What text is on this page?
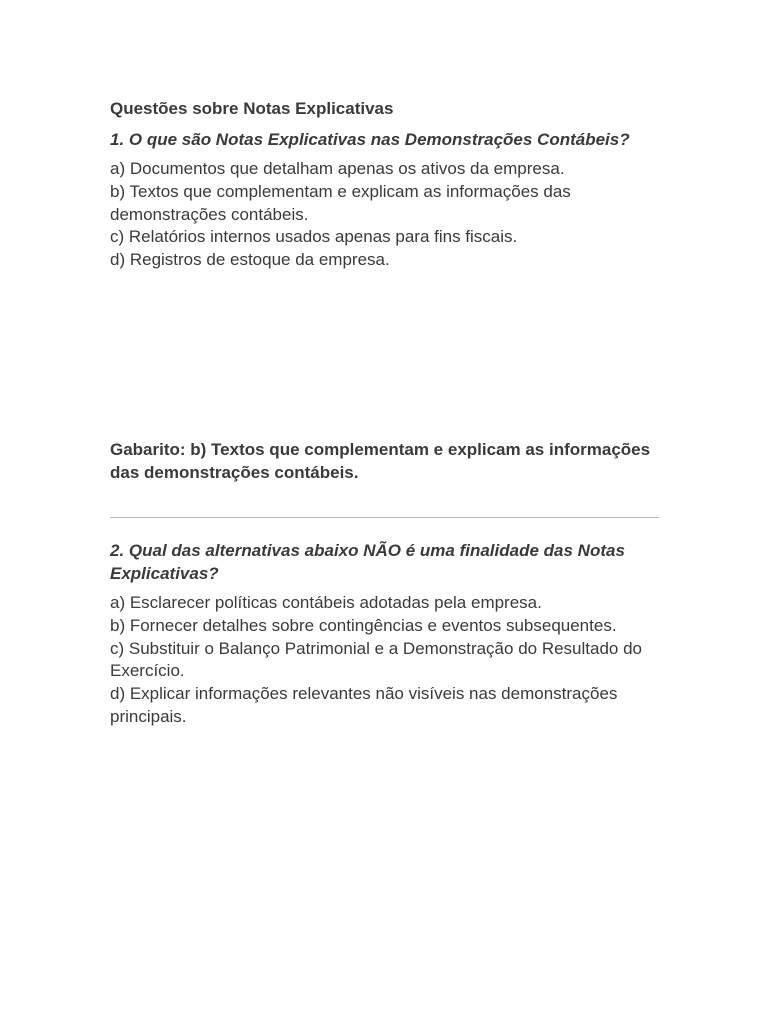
Questões sobre Notas Explicativas

1. O que são Notas Explicativas nas Demonstrações Contábeis?

a) Documentos que detalham apenas os ativos da empresa.
b) Textos que complementam e explicam as informações das demonstrações contábeis.
c) Relatórios internos usados apenas para fins fiscais.
d) Registros de estoque da empresa.

Gabarito: b) Textos que complementam e explicam as informações das demonstrações contábeis.

2. Qual das alternativas abaixo NÃO é uma finalidade das Notas Explicativas?

a) Esclarecer políticas contábeis adotadas pela empresa.
b) Fornecer detalhes sobre contingências e eventos subsequentes.
c) Substituir o Balanço Patrimonial e a Demonstração do Resultado do Exercício.
d) Explicar informações relevantes não visíveis nas demonstrações principais.
